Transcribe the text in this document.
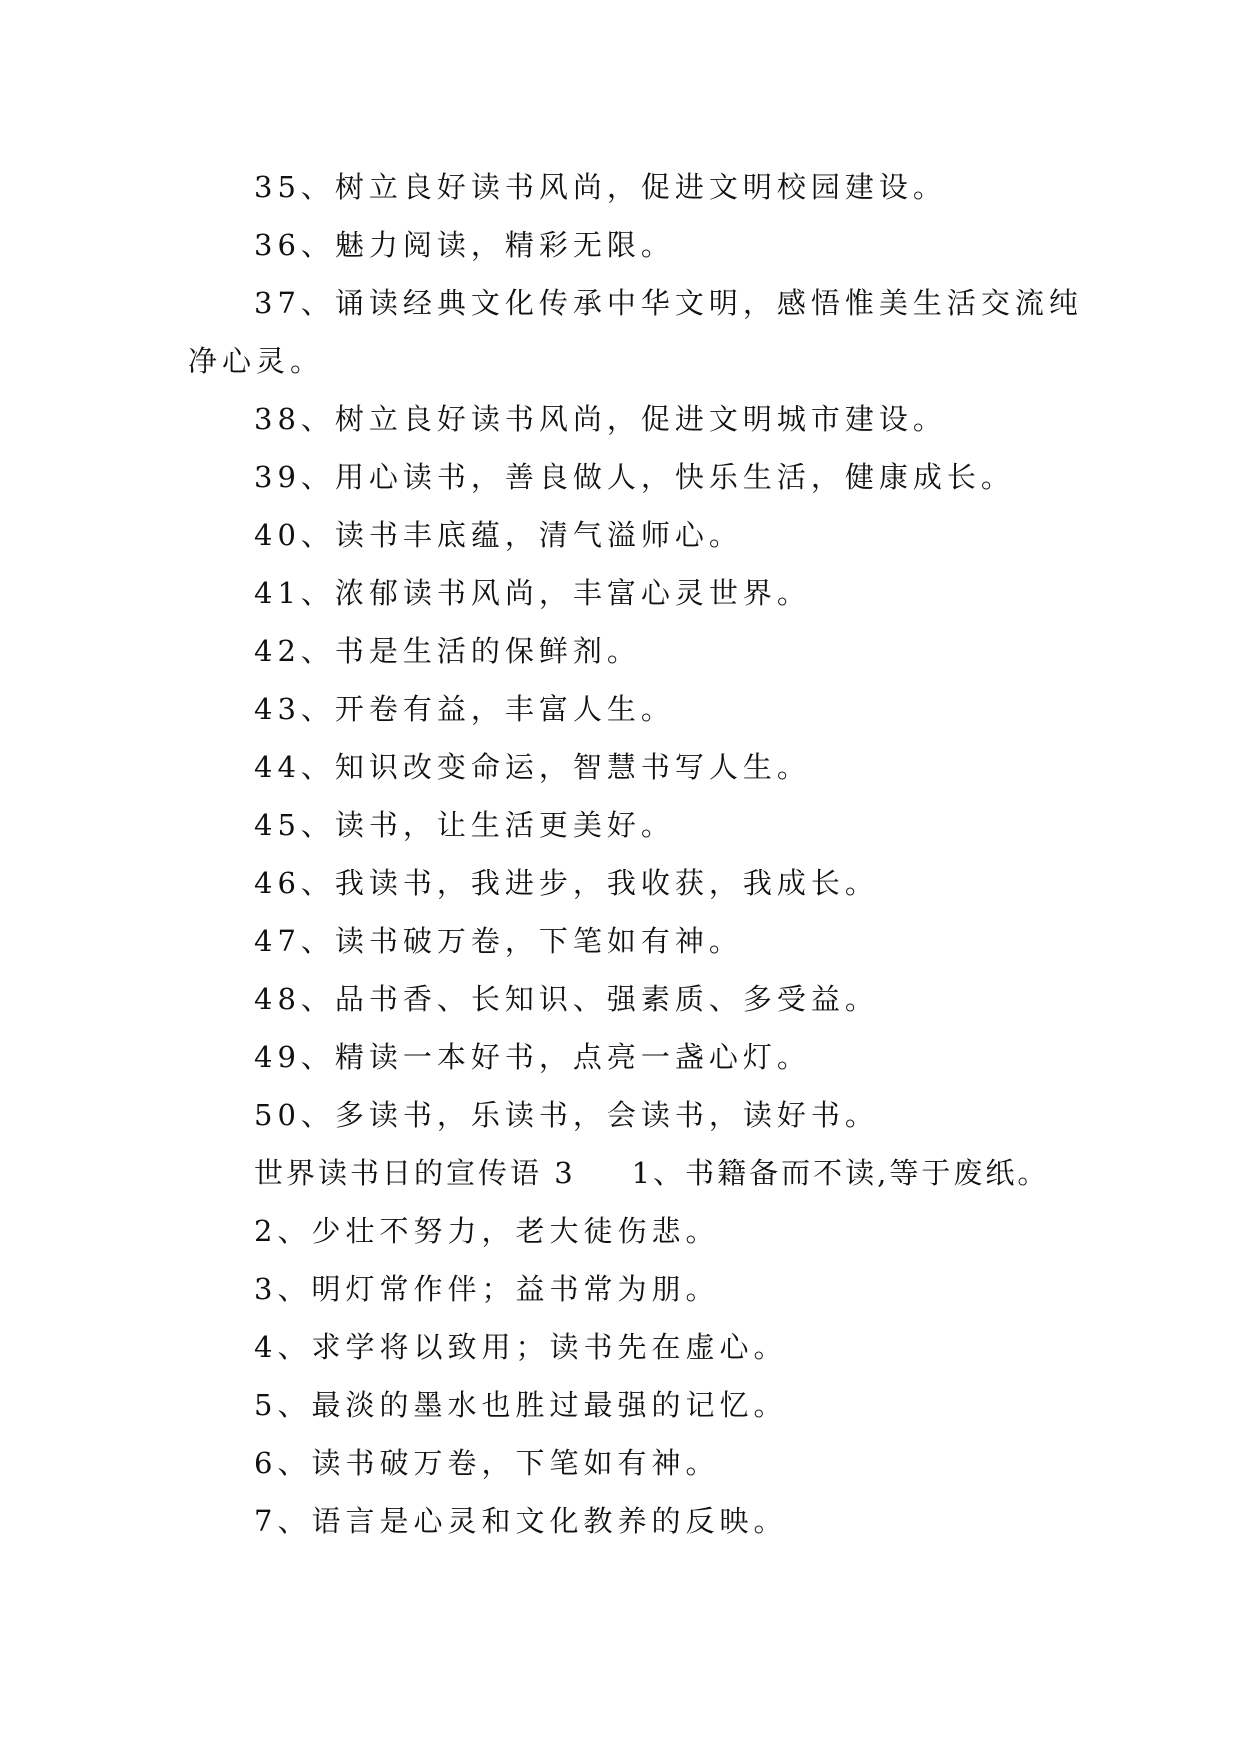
35、树立良好读书风尚，促进文明校园建设。
36、魅力阅读，精彩无限。
37、诵读经典文化传承中华文明，感悟惟美生活交流纯
净心灵。
38、树立良好读书风尚，促进文明城市建设。
39、用心读书，善良做人，快乐生活，健康成长。
40、读书丰底蕴，清气溢师心。
41、浓郁读书风尚，丰富心灵世界。
42、书是生活的保鲜剂。
43、开卷有益，丰富人生。
44、知识改变命运，智慧书写人生。
45、读书，让生活更美好。
46、我读书，我进步，我收获，我成长。
47、读书破万卷，下笔如有神。
48、品书香、长知识、强素质、多受益。
49、精读一本好书，点亮一盏心灯。
50、多读书，乐读书，会读书，读好书。
世界读书日的宣传语 3 1、书籍备而不读,等于废纸。
2、少壮不努力，老大徒伤悲。
3、明灯常作伴；益书常为朋。
4、求学将以致用；读书先在虚心。
5、最淡的墨水也胜过最强的记忆。
6、读书破万卷，下笔如有神。
7、语言是心灵和文化教养的反映。
